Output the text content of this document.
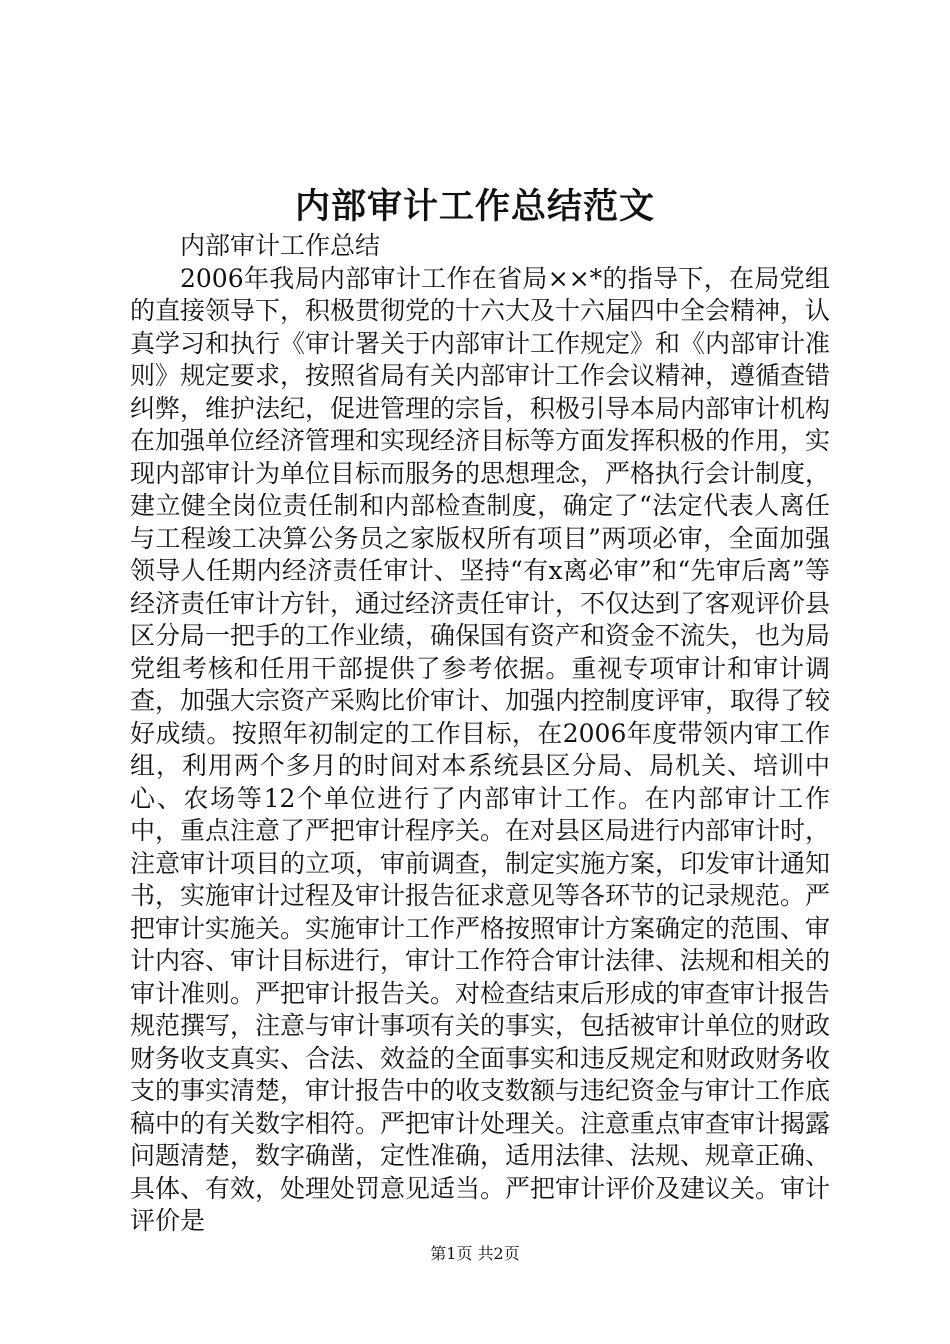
内部审计工作总结范文

内部审计工作总结

2006年我局内部审计工作在省局××*的指导下，在局党组的直接领导下，积极贯彻党的十六大及十六届四中全会精神，认真学习和执行《审计署关于内部审计工作规定》和《内部审计准则》规定要求，按照省局有关内部审计工作会议精神，遵循查错纠弊，维护法纪，促进管理的宗旨，积极引导本局内部审计机构在加强单位经济管理和实现经济目标等方面发挥积极的作用，实现内部审计为单位目标而服务的思想理念，严格执行会计制度，建立健全岗位责任制和内部检查制度，确定了“法定代表人离任与工程竣工决算公务员之家版权所有项目”两项必审，全面加强领导人任期内经济责任审计、坚持“有x离必审”和“先审后离”等经济责任审计方针，通过经济责任审计，不仅达到了客观评价县区分局一把手的工作业绩，确保国有资产和资金不流失，也为局党组考核和任用干部提供了参考依据。重视专项审计和审计调查，加强大宗资产采购比价审计、加强内控制度评审，取得了较好成绩。按照年初制定的工作目标，在2006年度带领内审工作组，利用两个多月的时间对本系统县区分局、局机关、培训中心、农场等12个单位进行了内部审计工作。在内部审计工作中，重点注意了严把审计程序关。在对县区局进行内部审计时，注意审计项目的立项，审前调查，制定实施方案，印发审计通知书，实施审计过程及审计报告征求意见等各环节的记录规范。严把审计实施关。实施审计工作严格按照审计方案确定的范围、审计内容、审计目标进行，审计工作符合审计法律、法规和相关的审计准则。严把审计报告关。对检查结束后形成的审查审计报告规范撰写，注意与审计事项有关的事实，包括被审计单位的财政财务收支真实、合法、效益的全面事实和违反规定和财政财务收支的事实清楚，审计报告中的收支数额与违纪资金与审计工作底稿中的有关数字相符。严把审计处理关。注意重点审查审计揭露问题清楚，数字确凿，定性准确，适用法律、法规、规章正确、具体、有效，处理处罚意见适当。严把审计评价及建议关。审计评价是

第1页 共2页
